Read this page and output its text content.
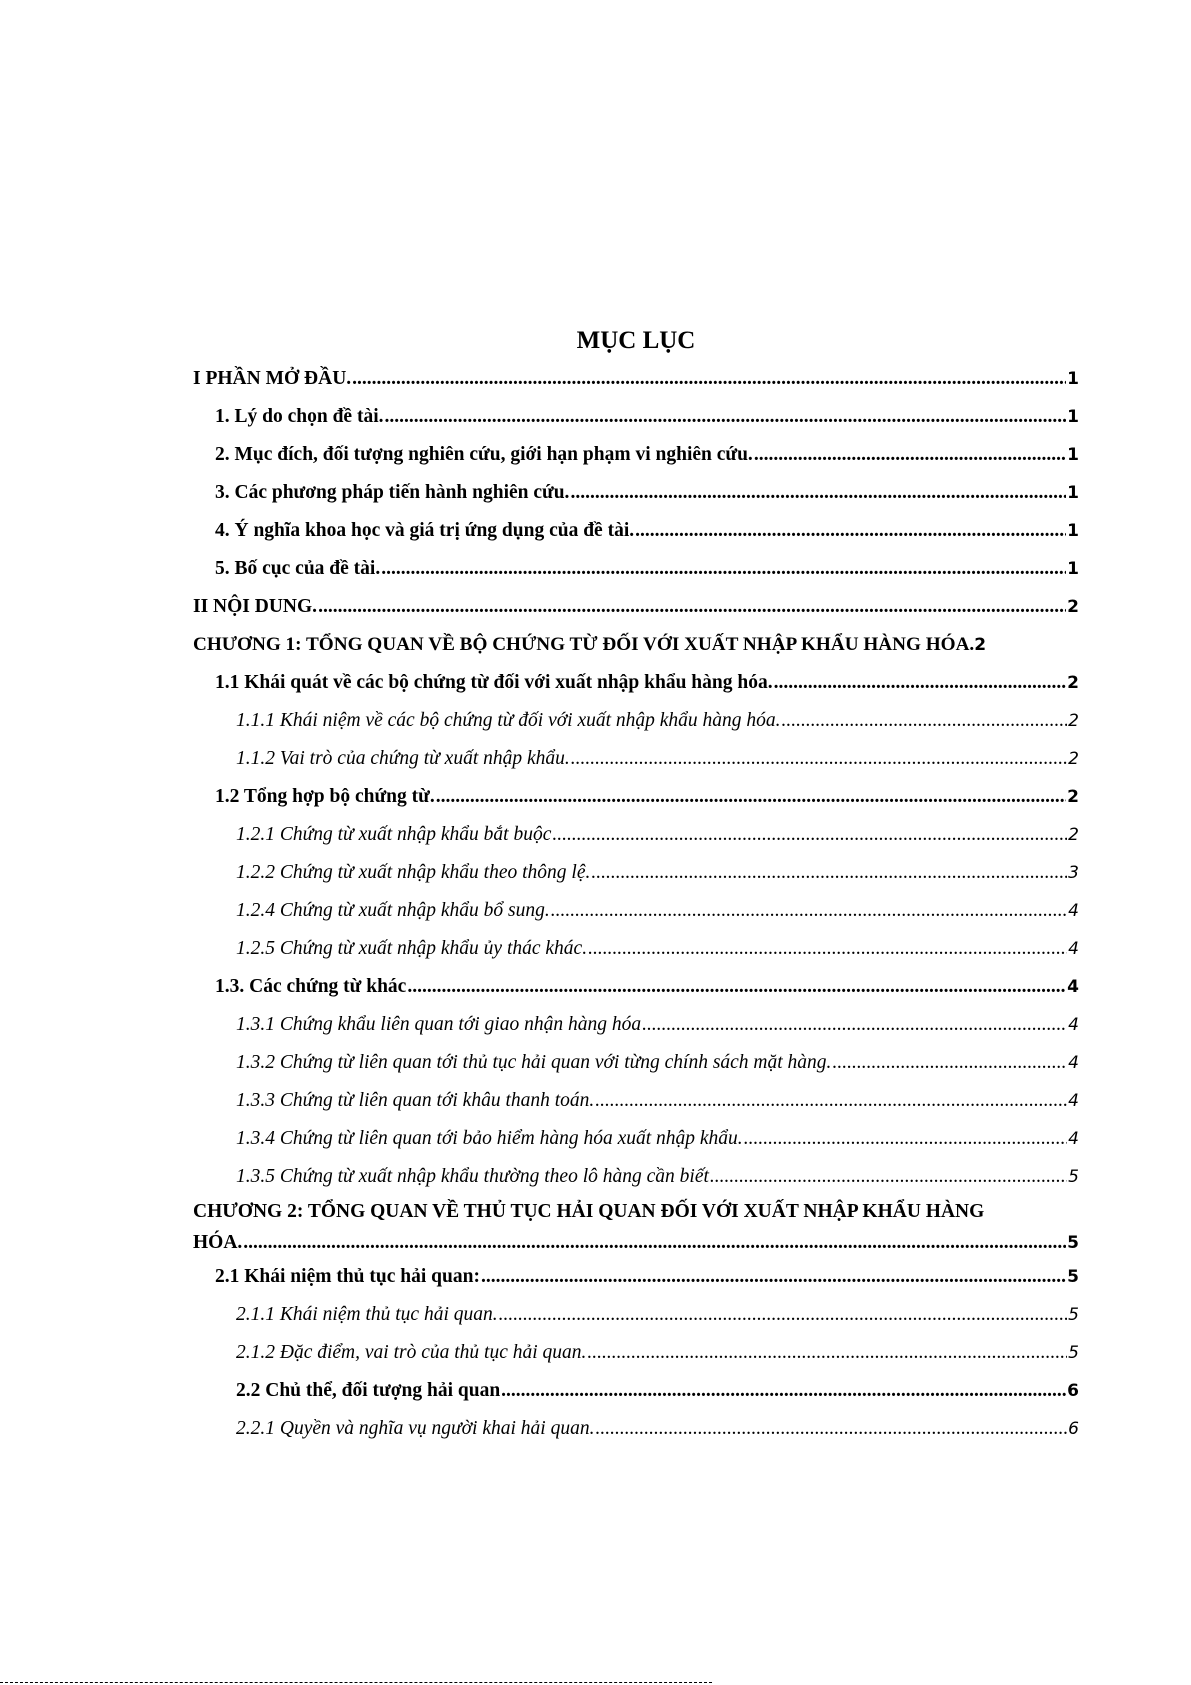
MỤC LỤC
I PHẦN MỞ ĐẦU. .....	1
1. Lý do chọn đề tài. .....	1
2. Mục đích, đối tượng nghiên cứu, giới hạn phạm vi nghiên cứu. .....	1
3. Các phương pháp tiến hành nghiên cứu. .....	1
4. Ý nghĩa khoa học và giá trị ứng dụng của đề tài. .....	1
5. Bố cục của đề tài. .....	1
II NỘI DUNG. .....	2
CHƯƠNG 1: TỔNG QUAN VỀ BỘ CHỨNG TỪ ĐỐI VỚI XUẤT NHẬP KHẨU HÀNG HÓA. 2
1.1 Khái quát về các bộ chứng từ đối với xuất nhập khẩu hàng hóa. .....	2
1.1.1 Khái niệm về các bộ chứng từ đối với xuất nhập khẩu hàng hóa. .....	2
1.1.2 Vai trò của chứng từ xuất nhập khẩu. .....	2
1.2 Tổng hợp bộ chứng từ. .....	2
1.2.1 Chứng từ xuất nhập khẩu bắt buộc .....	2
1.2.2 Chứng từ xuất nhập khẩu theo thông lệ. .....	3
1.2.4 Chứng từ xuất nhập khẩu bổ sung. .....	4
1.2.5 Chứng từ xuất nhập khẩu ủy thác khác. .....	4
1.3. Các chứng từ khác .....	4
1.3.1 Chứng khẩu liên quan tới giao nhận hàng hóa .....	4
1.3.2 Chứng từ liên quan tới thủ tục hải quan với từng chính sách mặt hàng. .....	4
1.3.3 Chứng từ liên quan tới khâu thanh toán. .....	4
1.3.4 Chứng từ liên quan tới bảo hiểm hàng hóa xuất nhập khẩu. .....	4
1.3.5 Chứng từ xuất nhập khẩu thường theo lô hàng cần biết .....	5
CHƯƠNG 2: TỔNG QUAN VỀ THỦ TỤC HẢI QUAN ĐỐI VỚI XUẤT NHẬP KHẨU HÀNG
HÓA. .....	5
2.1 Khái niệm thủ tục hải quan: .....	5
2.1.1 Khái niệm thủ tục hải quan. .....	5
2.1.2 Đặc điểm, vai trò của thủ tục hải quan. .....	5
2.2 Chủ thể, đối tượng hải quan .....	6
2.2.1 Quyền và nghĩa vụ người khai hải quan. .....	6
